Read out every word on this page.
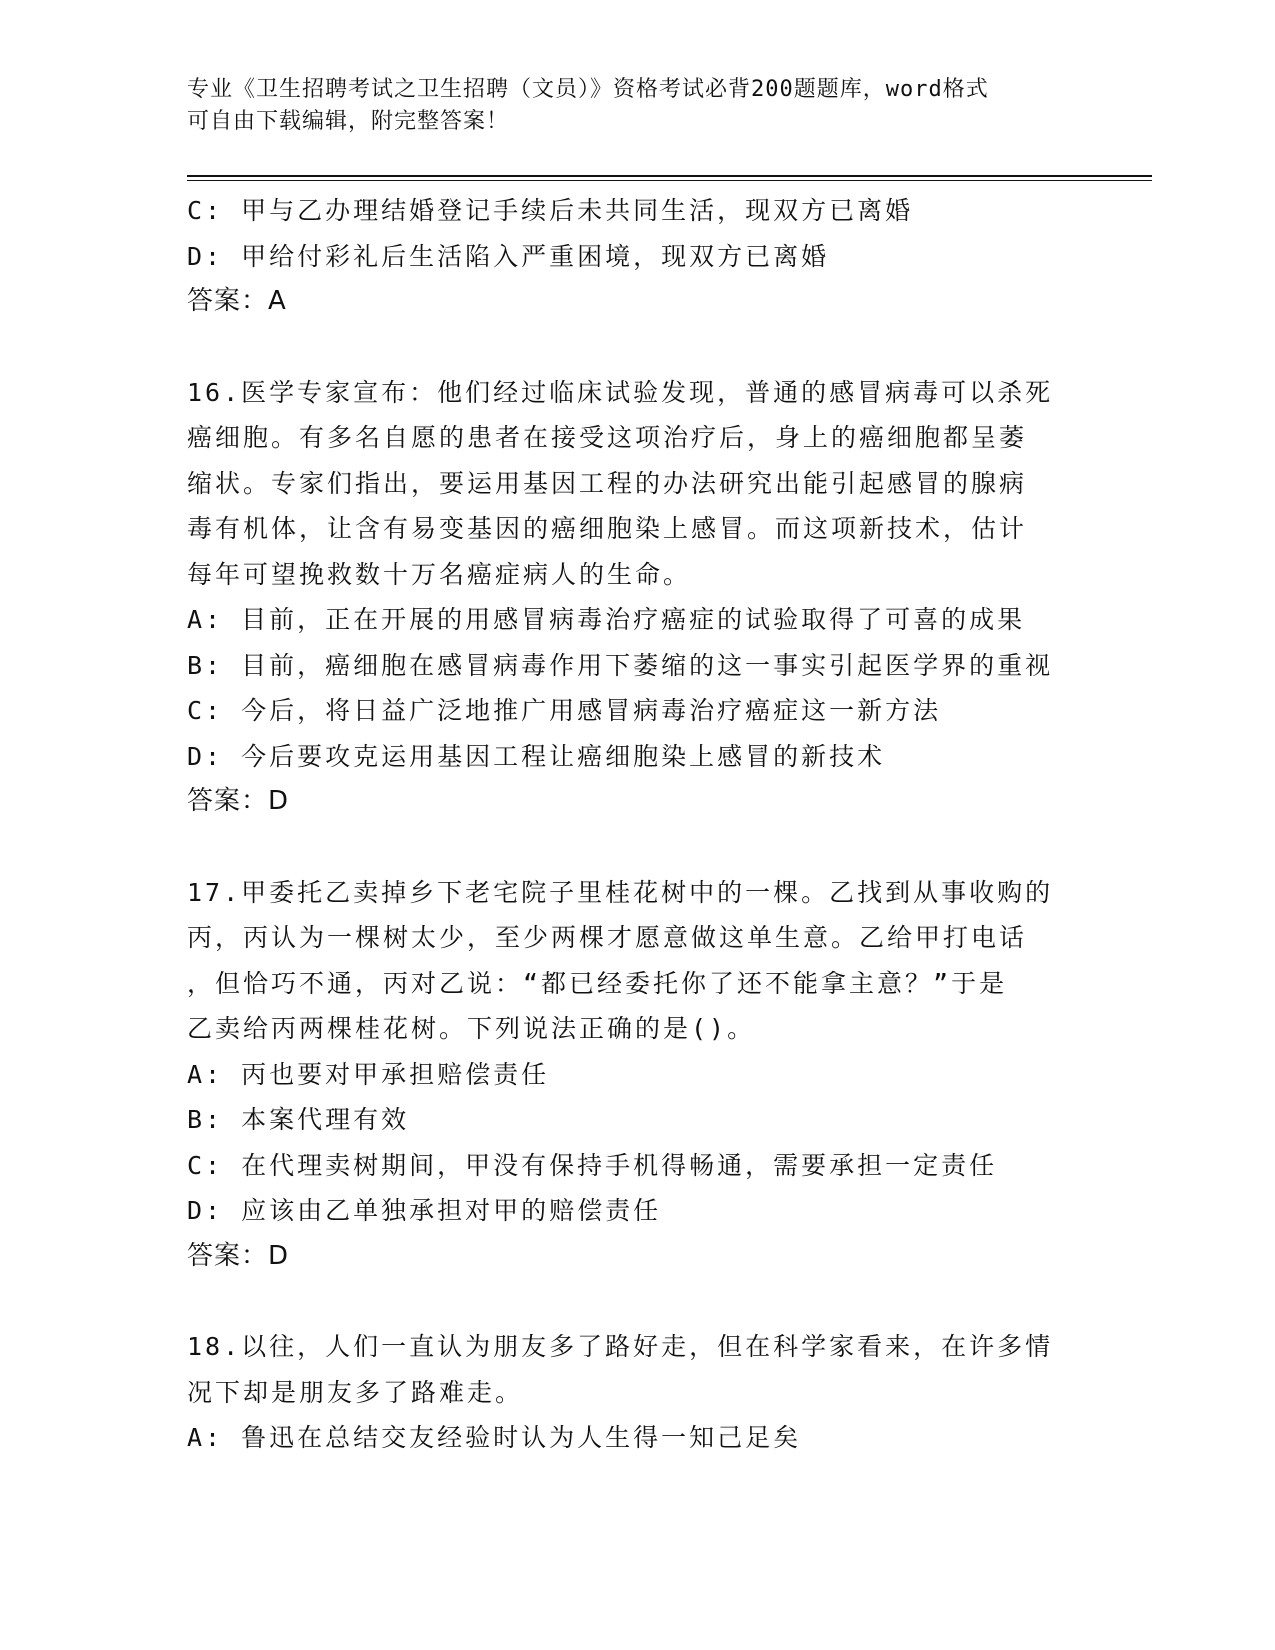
专业《卫生招聘考试之卫生招聘（文员）》资格考试必背200题题库，word格式
可自由下载编辑，附完整答案！
C: 甲与乙办理结婚登记手续后未共同生活，现双方已离婚
D: 甲给付彩礼后生活陷入严重困境，现双方已离婚
答案：A
16.医学专家宣布：他们经过临床试验发现，普通的感冒病毒可以杀死
癌细胞。有多名自愿的患者在接受这项治疗后，身上的癌细胞都呈萎
缩状。专家们指出，要运用基因工程的办法研究出能引起感冒的腺病
毒有机体，让含有易变基因的癌细胞染上感冒。而这项新技术，估计
每年可望挽救数十万名癌症病人的生命。
A: 目前，正在开展的用感冒病毒治疗癌症的试验取得了可喜的成果
B: 目前，癌细胞在感冒病毒作用下萎缩的这一事实引起医学界的重视
C: 今后，将日益广泛地推广用感冒病毒治疗癌症这一新方法
D: 今后要攻克运用基因工程让癌细胞染上感冒的新技术
答案：D
17.甲委托乙卖掉乡下老宅院子里桂花树中的一棵。乙找到从事收购的
丙，丙认为一棵树太少，至少两棵才愿意做这单生意。乙给甲打电话
，但恰巧不通，丙对乙说：“都已经委托你了还不能拿主意？”于是
乙卖给丙两棵桂花树。下列说法正确的是()。
A: 丙也要对甲承担赔偿责任
B: 本案代理有效
C: 在代理卖树期间，甲没有保持手机得畅通，需要承担一定责任
D: 应该由乙单独承担对甲的赔偿责任
答案：D
18.以往，人们一直认为朋友多了路好走，但在科学家看来，在许多情
况下却是朋友多了路难走。
A: 鲁迅在总结交友经验时认为人生得一知己足矣
